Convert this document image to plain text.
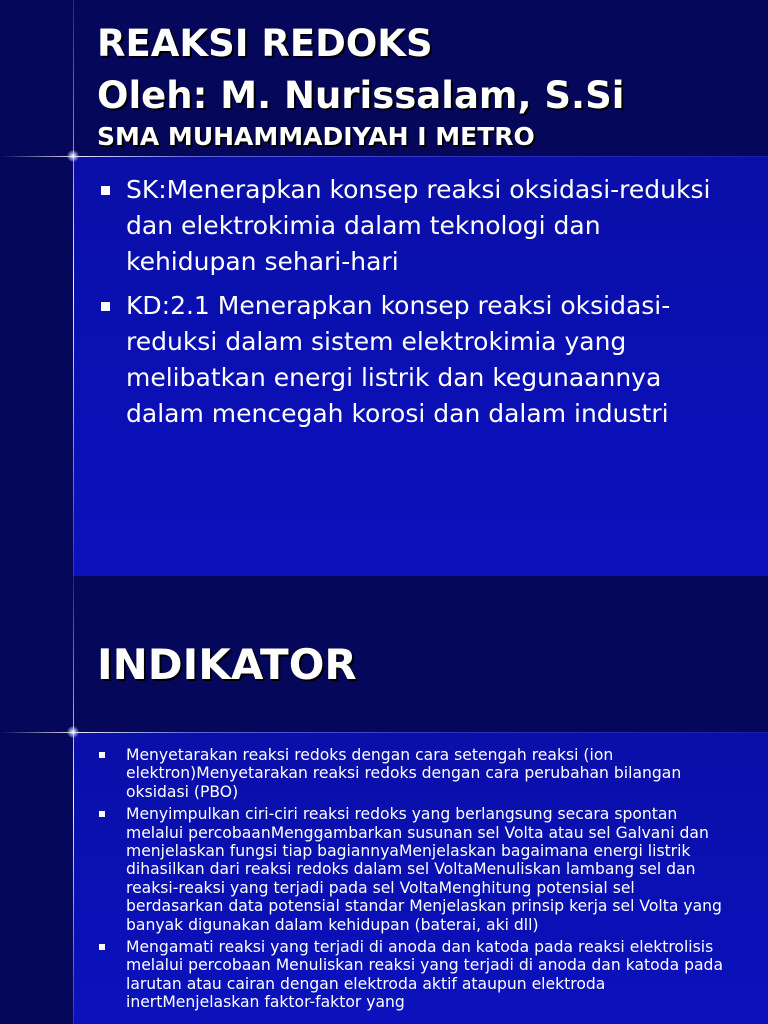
REAKSI REDOKS
Oleh: M. Nurissalam, S.Si
SMA MUHAMMADIYAH I METRO
SK:Menerapkan konsep reaksi oksidasi-reduksi dan elektrokimia dalam teknologi dan kehidupan sehari-hari
KD:2.1 Menerapkan konsep reaksi oksidasi-reduksi dalam sistem elektrokimia yang melibatkan energi listrik dan kegunaannya dalam mencegah korosi dan dalam industri
INDIKATOR
Menyetarakan reaksi redoks dengan cara setengah reaksi (ion elektron)Menyetarakan reaksi redoks dengan cara perubahan bilangan oksidasi (PBO)
Menyimpulkan ciri-ciri reaksi redoks yang berlangsung secara spontan melalui percobaanMenggambarkan susunan sel Volta atau sel Galvani dan menjelaskan fungsi tiap bagiannyaMenjelaskan bagaimana energi listrik dihasilkan dari reaksi redoks dalam sel VoltaMenuliskan lambang sel dan reaksi-reaksi yang terjadi pada sel VoltaMenghitung potensial sel berdasarkan data potensial standar Menjelaskan prinsip kerja sel Volta yang banyak digunakan dalam kehidupan (baterai, aki dll)
Mengamati reaksi yang terjadi di anoda dan katoda pada reaksi elektrolisis melalui percobaan Menuliskan reaksi yang terjadi di anoda dan katoda pada larutan atau cairan dengan elektroda aktif ataupun elektroda inertMenjelaskan faktor-faktor yang
